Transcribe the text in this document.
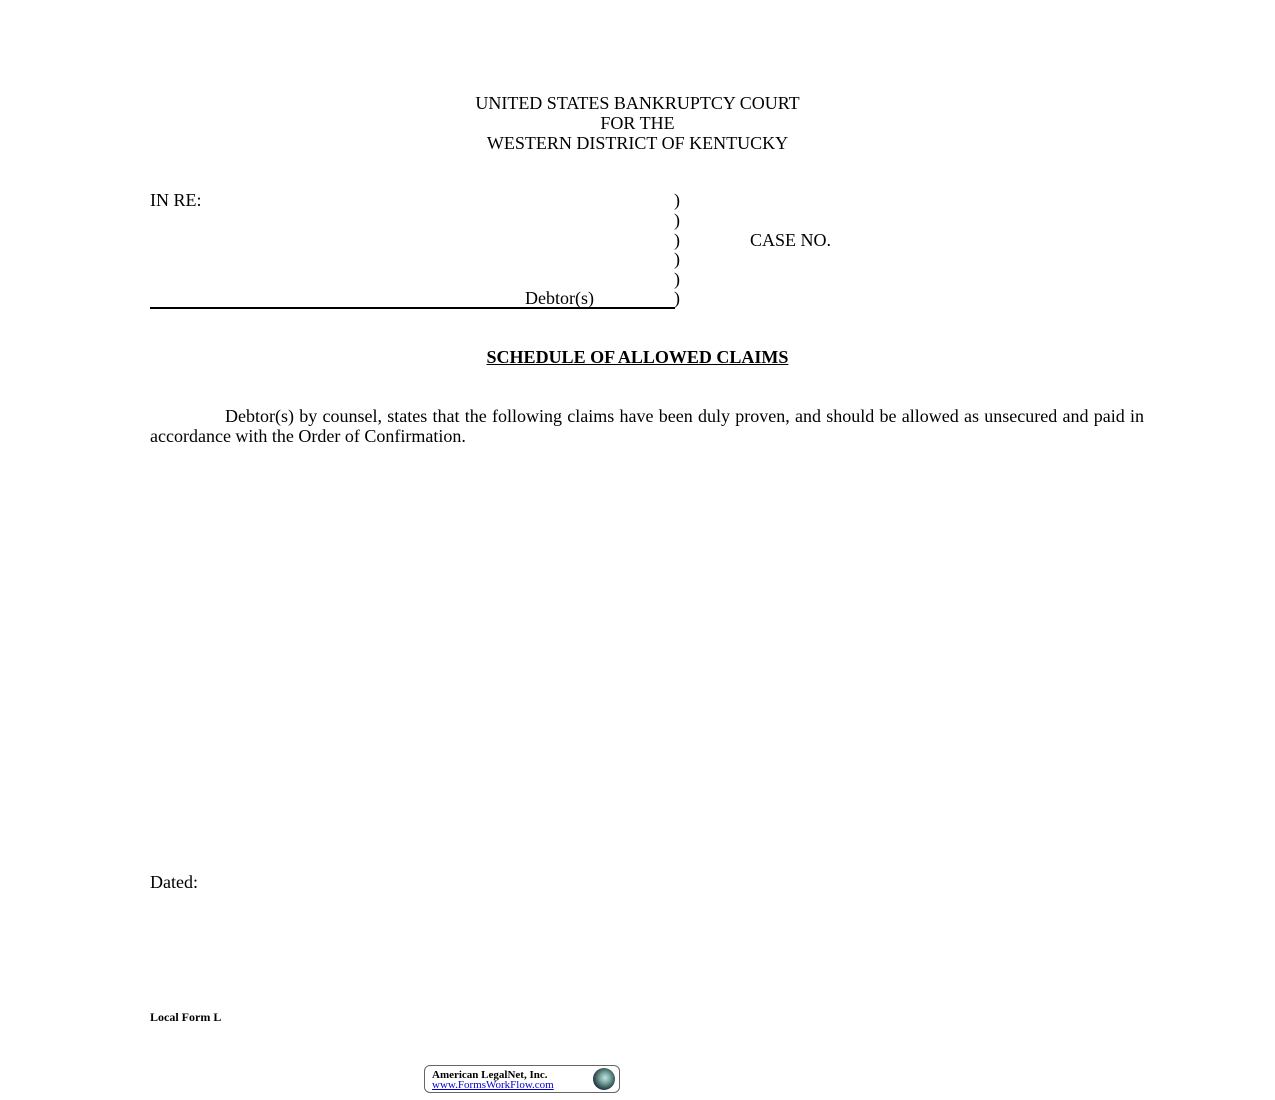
UNITED STATES BANKRUPTCY COURT
FOR THE
WESTERN DISTRICT OF KENTUCKY
IN RE:	)
)
)
)
)
)
CASE NO.
Debtor(s)
SCHEDULE OF ALLOWED CLAIMS
Debtor(s) by counsel, states that the following claims have been duly proven, and should be allowed as unsecured and paid in accordance with the Order of Confirmation.
Dated:
Local Form L
American LegalNet, Inc.
www.FormsWorkFlow.com
